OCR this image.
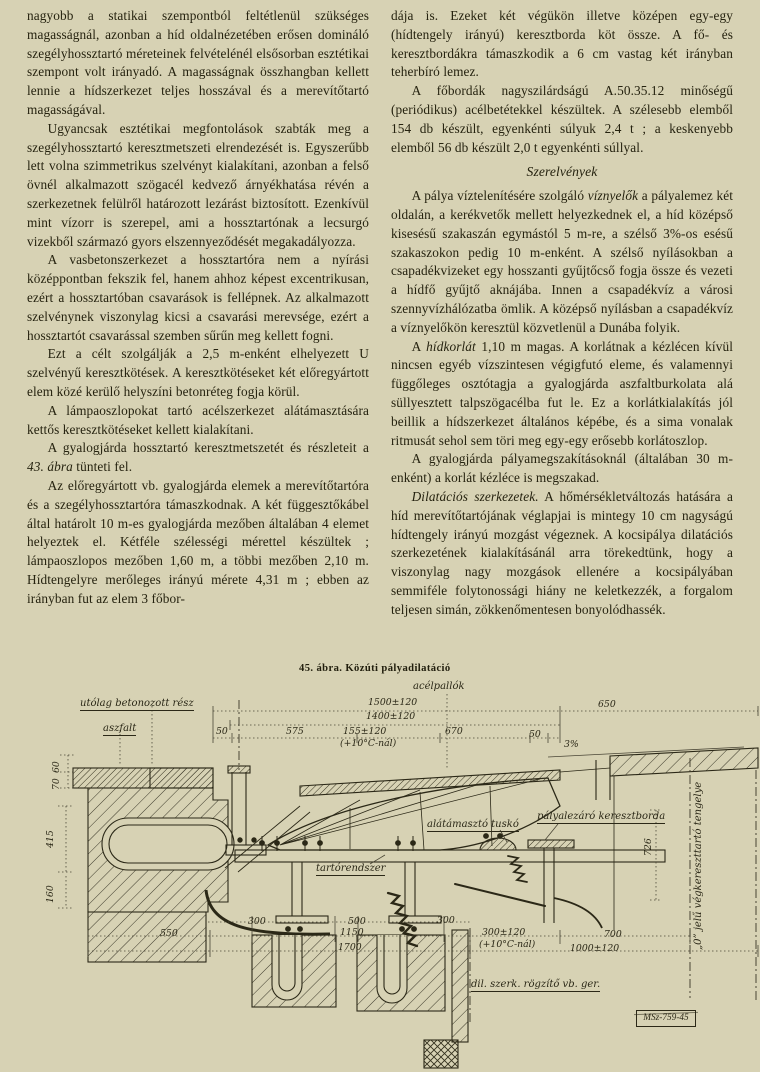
nagyobb a statikai szempontból feltétlenül szükséges magasságnál, azonban a híd oldalnézetében erősen domináló szegélyhossztartó méreteinek felvételénél elsősorban esztétikai szempont volt irányadó. A magasságnak összhangban kellett lennie a hídszerkezet teljes hosszával és a merevítőtartó magasságával.

Ugyancsak esztétikai megfontolások szabták meg a szegélyhossztartó keresztmetszeti elrendezését is. Egyszerűbb lett volna szimmetrikus szelvényt kialakítani, azonban a felső övnél alkalmazott szögacél kedvező árnyékhatása révén a szerkezetnek felülről határozott lezárást biztosított. Ezenkívül mint vízorr is szerepel, ami a hossztartónak a lecsurgó vizekből származó gyors elszennyeződését megakadályozza.

A vasbetonszerkezet a hossztartóra nem a nyírási középpontban fekszik fel, hanem ahhoz képest excentrikusan, ezért a hossztartóban csavarások is fellépnek. Az alkalmazott szelvénynek viszonylag kicsi a csavarási merevsége, ezért a hossztartót csavarással szemben sűrűn meg kellett fogni.

Ezt a célt szolgálják a 2,5 m-enként elhelyezett U szelvényű keresztkötések. A keresztkötéseket két előregyártott elem közé kerülő helyszíni betonréteg fogja körül.

A lámpaoszlopokat tartó acélszerkezet alátámasztására kettős keresztkötéseket kellett kialakítani.

A gyalogjárda hossztartó keresztmetszetét és részleteit a 43. ábra tünteti fel.

Az előregyártott vb. gyalogjárda elemek a merevítőtartóra és a szegélyhossztartóra támaszkodnak. A két függesztőkábel által határolt 10 m-es gyalogjárda mezőben általában 4 elemet helyeztek el. Kétféle szélességi mérettel készültek ; lámpaoszlopos mezőben 1,60 m, a többi mezőben 2,10 m. Hídtengelyre merőleges irányú mérete 4,31 m ; ebben az irányban fut az elem 3 főbor-

dája is. Ezeket két végükön illetve középen egy-egy (hídtengely irányú) keresztborda köt össze. A fő- és keresztbordákra támaszkodik a 6 cm vastag két irányban teherbíró lemez.

A főbordák nagyszilárdságú A.50.35.12 minőségű (periódikus) acélbetétekkel készültek. A szélesebb elemből 154 db készült, egyenkénti súlyuk 2,4 t ; a keskenyebb elemből 56 db készült 2,0 t egyenkénti súllyal.

Szerelvények

A pálya víztelenítésére szolgáló víznyelők a pályalemez két oldalán, a kerékvetők mellett helyezkednek el, a híd középső kisesésű szakaszán egymástól 5 m-re, a szélső 3%-os esésű szakaszokon pedig 10 m-enként. A szélső nyílásokban a csapadékvizeket egy hosszanti gyűjtőcső fogja össze és vezeti a hídfő gyűjtő aknájába. Innen a csapadékvíz a városi szennyvízhálózatba ömlik. A középső nyílásban a csapadékvíz a víznyelőkön keresztül közvetlenül a Dunába folyik.

A hídkorlát 1,10 m magas. A korlátnak a kézlécen kívül nincsen egyéb vízszintesen végigfutó eleme, és valamennyi függőleges osztótagja a gyalogjárda aszfaltburkolata alá süllyesztett talpszögacélba fut le. Ez a korlátkialakítás jól beillik a hídszerkezet általános képébe, és a sima vonalak ritmusát sehol sem töri meg egy-egy erősebb korlátoszlop.

A gyalogjárda pályamegszakításoknál (általában 30 m-enként) a korlát kézléce is megszakad.

Dilatációs szerkezetek. A hőmérsékletváltozás hatására a híd merevítőtartójának véglapjai is mintegy 10 cm nagyságú hídtengely irányú mozgást végeznek. A kocsipálya dilatációs szerkezetének kialakításánál arra törekedtünk, hogy a viszonylag nagy mozgások ellenére a kocsipályában semmiféle folytonossági hiány ne keletkezzék, a forgalom teljesen simán, zökkenőmentesen bonyolódhassék.

45. ábra. Közúti pályadilatáció
utólag betonozott rész
aszfalt
acélpallók
alátámasztó tuskó
pályalezáró keresztborda
tartórendszer
dil. szerk. rögzítő vb. ger.
„0” jelű végkereszttartó tengelye
1500±120	650
1400±120
50	575	155±120
(+10°C-nál)
670	50
3%
60
70
415
160
726
300	500	300
550	1150
1700
300±120
(+10°C-nál)
700
1000±120
MSz-759-45
